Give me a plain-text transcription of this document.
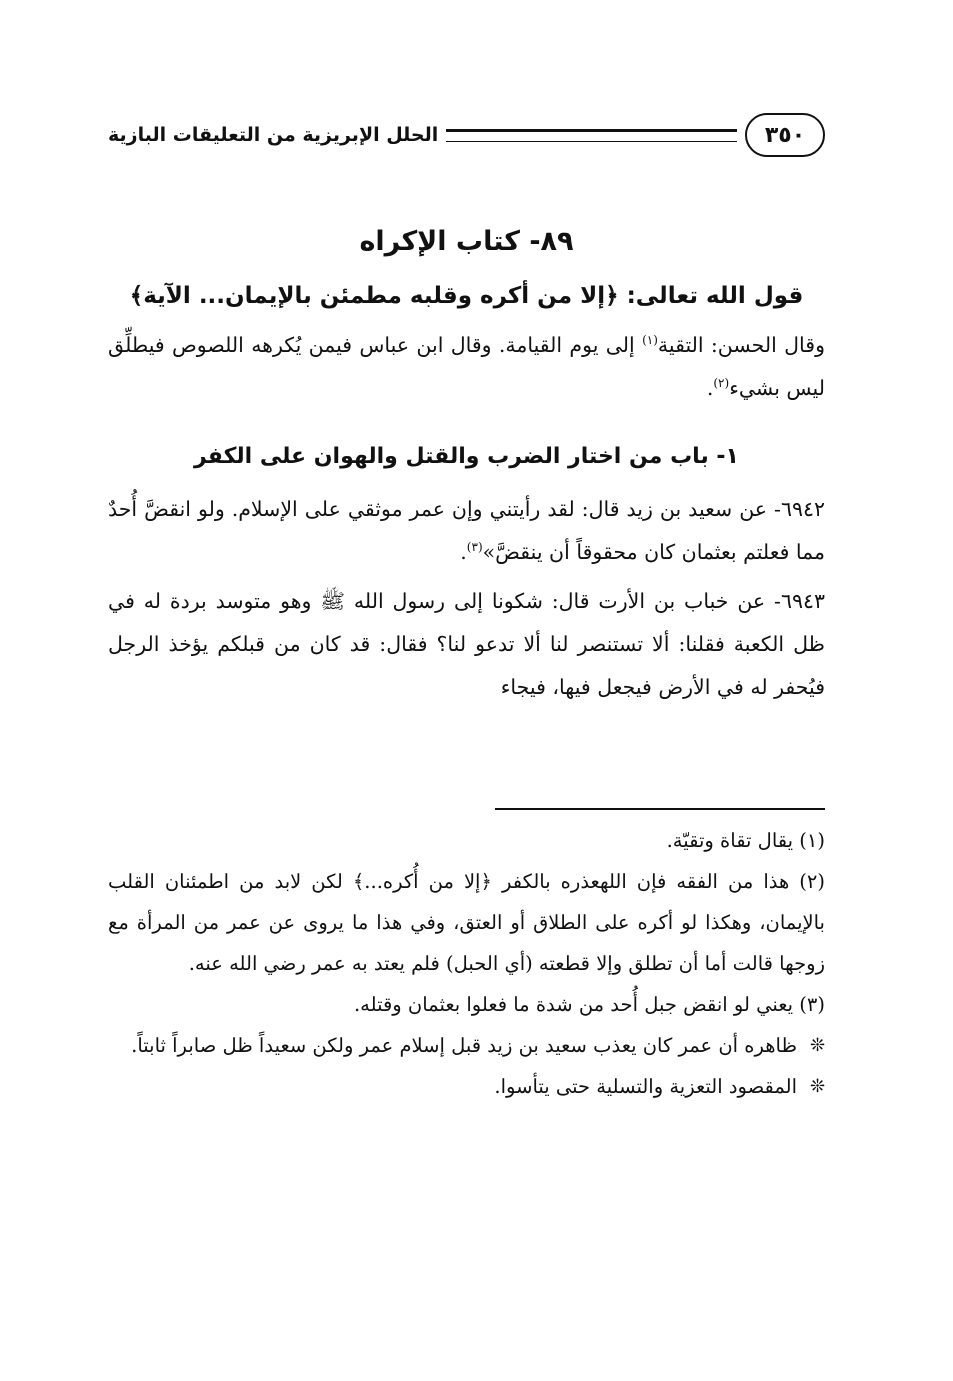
٣٥٠
الحلل الإبريزية من التعليقات البازية
٨٩- كتاب الإكراه
قول الله تعالى: ﴿إلا من أكره وقلبه مطمئن بالإيمان... الآية﴾

وقال الحسن: التقية$^{(١)}$ إلى يوم القيامة. وقال ابن عباس فيمن يُكرهه اللصوص فيطلِّق ليس بشيء$^{(٢)}$.

١- باب من اختار الضرب والقتل والهوان على الكفر

٦٩٤٢- عن سعيد بن زيد قال: لقد رأيتني وإن عمر موثقي على الإسلام. ولو انقضَّ أُحدٌ مما فعلتم بعثمان كان محقوقاً أن ينقضَّ»$^{(٣)}$.

٦٩٤٣- عن خباب بن الأرت قال: شكونا إلى رسول الله ﷺ وهو متوسد بردة له في ظل الكعبة فقلنا: ألا تستنصر لنا ألا تدعو لنا؟ فقال: قد كان من قبلكم يؤخذ الرجل فيُحفر له في الأرض فيجعل فيها، فيجاء

(١) يقال تقاة وتقيّة.

(٢) هذا من الفقه فإن اللهعذره بالكفر ﴿إلا من أُكره...﴾ لكن لابد من اطمئنان القلب بالإيمان، وهكذا لو أكره على الطلاق أو العتق، وفي هذا ما يروى عن عمر من المرأة مع زوجها قالت أما أن تطلق وإلا قطعته (أي الحبل) فلم يعتد به عمر رضي الله عنه.

(٣) يعني لو انقض جبل أُحد من شدة ما فعلوا بعثمان وقتله.

❊
ظاهره أن عمر كان يعذب سعيد بن زيد قبل إسلام عمر ولكن سعيداً ظل صابراً ثابتاً.
❊
المقصود التعزية والتسلية حتى يتأسوا.
